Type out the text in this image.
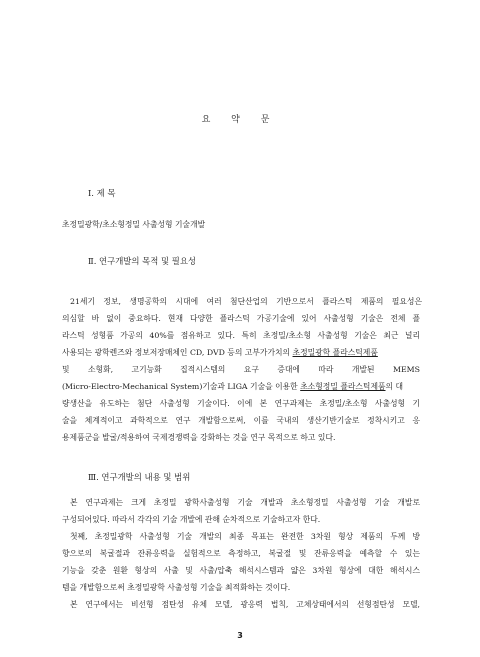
요 약 문
Ⅰ. 제 목
초정밀광학/초소형정밀 사출성형 기술개발
Ⅱ. 연구개발의 목적 및 필요성
21세기 정보, 생명공학의 시대에 여러 첨단산업의 기반으로서 플라스틱 제품의 필요성은
의심할 바 없이 중요하다. 현재 다양한 플라스틱 가공기술에 있어 사출성형 기술은 전체 플
라스틱 성형품 가공의 40%를 점유하고 있다. 특히 초정밀/초소형 사출성형 기술은 최근 널리
사용되는 광학렌즈와 정보저장매체인 CD, DVD 등의 고부가가치의 초정밀광학 플라스틱제품
및    소형화,    고기능화    집적시스템의    요구    증대에    따라    개발된    MEMS
(Micro-Electro-Mechanical System)기술과 LIGA 기술을 이용한 초소형정밀 플라스틱제품의 대
량생산을 유도하는 첨단 사출성형 기술이다. 이에 본 연구과제는 초정밀/초소형 사출성형 기
술을 체계적이고 과학적으로 연구 개발함으로써, 이를 국내의 생산기반기술로 정착시키고 응
용제품군을 발굴/적용하여 국제경쟁력을 강화하는 것을 연구 목적으로 하고 있다.
Ⅲ. 연구개발의 내용 및 범위
본 연구과제는 크게 초정밀 광학사출성형 기술 개발과 초소형정밀 사출성형 기술 개발로
구성되어있다. 따라서 각각의 기술 개발에 관해 순차적으로 기술하고자 한다.
첫째, 초정밀광학 사출성형 기술 개발의 최종 목표는 완전한 3차원 형상 제품의 두께 방
향으로의 복굴절과 잔류응력을 실험적으로 측정하고, 복굴절 및 잔류응력을 예측할 수 있는
기능을 갖춘 원환 형상의 사출 및 사출/압축 해석시스템과 얇은 3차원 형상에 대한 해석시스
템을 개발함으로써 초정밀광학 사출성형 기술을 최적화하는 것이다.
본 연구에서는 비선형 점탄성 유체 모델, 광응력 법칙, 고체상태에서의 선형점탄성 모델,
3
